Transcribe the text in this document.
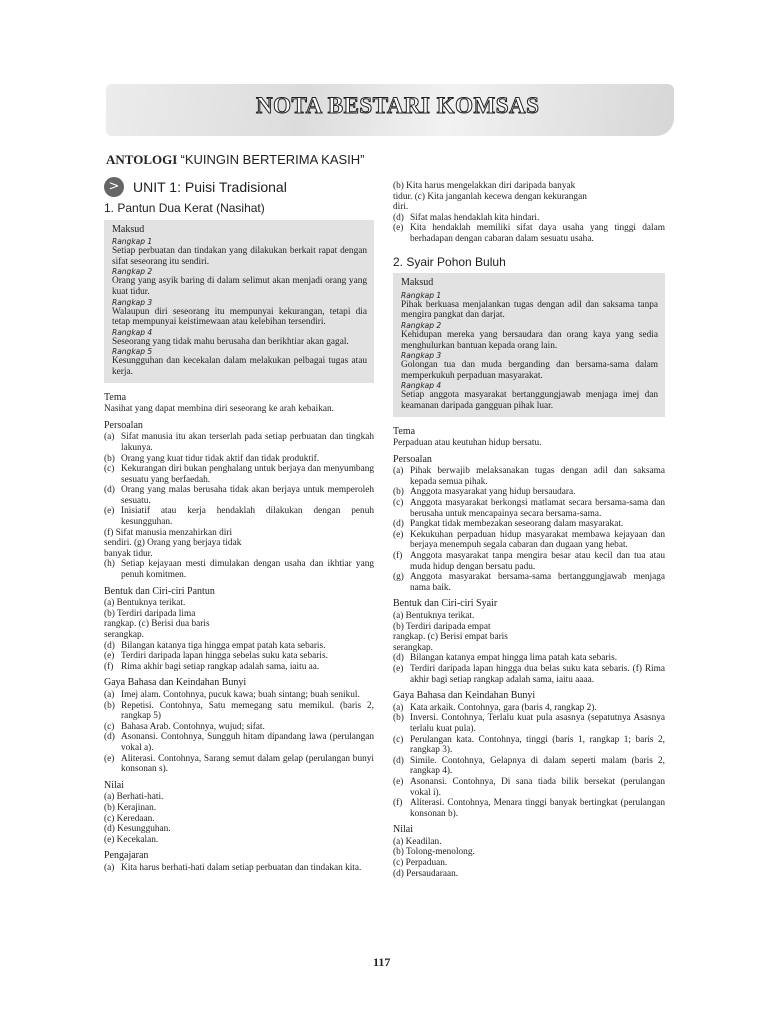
NOTA BESTARI KOMSAS
ANTOLOGI “KUINGIN BERTERIMA KASIH”
> UNIT 1: Puisi Tradisional
1. Pantun Dua Kerat (Nasihat)
Maksud
Rangkap 1
Setiap perbuatan dan tindakan yang dilakukan berkait rapat dengan sifat seseorang itu sendiri.
Rangkap 2
Orang yang asyik baring di dalam selimut akan menjadi orang yang kuat tidur.
Rangkap 3
Walaupun diri seseorang itu mempunyai kekurangan, tetapi dia tetap mempunyai keistimewaan atau kelebihan tersendiri.
Rangkap 4
Seseorang yang tidak mahu berusaha dan berikhtiar akan gagal.
Rangkap 5
Kesungguhan dan kecekalan dalam melakukan pelbagai tugas atau kerja.
Tema
Nasihat yang dapat membina diri seseorang ke arah kebaikan.
Persoalan
(a) Sifat manusia itu akan terserlah pada setiap perbuatan dan tingkah lakunya.
(b) Orang yang kuat tidur tidak aktif dan tidak produktif.
(c) Kekurangan diri bukan penghalang untuk berjaya dan menyumbang sesuatu yang berfaedah.
(d) Orang yang malas berusaha tidak akan berjaya untuk memperoleh sesuatu.
(e) Inisiatif atau kerja hendaklah dilakukan dengan penuh kesungguhan.
(f) Sifat manusia menzahirkan diri
sendiri. (g) Orang yang berjaya tidak
banyak tidur.
(h) Setiap kejayaan mesti dimulakan dengan usaha dan ikhtiar yang penuh komitmen.
Bentuk dan Ciri-ciri Pantun
(a) Bentuknya terikat.
(b) Terdiri daripada lima
rangkap. (c) Berisi dua baris
serangkap.
(d) Bilangan katanya tiga hingga empat patah kata sebaris.
(e) Terdiri daripada lapan hingga sebelas suku kata sebaris.
(f) Rima akhir bagi setiap rangkap adalah sama, iaitu aa.
Gaya Bahasa dan Keindahan Bunyi
(a) Imej alam. Contohnya, pucuk kawa; buah sintang; buah senikul.
(b) Repetisi. Contohnya, Satu memegang satu memikul. (baris 2, rangkap 5)
(c) Bahasa Arab. Contohnya, wujud; sifat.
(d) Asonansi. Contohnya, Sungguh hitam dipandang lawa (perulangan vokal a).
(e) Aliterasi. Contohnya, Sarang semut dalam gelap (perulangan bunyi konsonan s).
Nilai
(a) Berhati-hati.
(b) Kerajinan.
(c) Keredaan.
(d) Kesungguhan.
(e) Kecekalan.
Pengajaran
(a) Kita harus berhati-hati dalam setiap perbuatan dan tindakan kita.
(b) Kita harus mengelakkan diri daripada banyak
tidur. (c) Kita janganlah kecewa dengan kekurangan
diri.
(d) Sifat malas hendaklah kita hindari.
(e) Kita hendaklah memiliki sifat daya usaha yang tinggi dalam berhadapan dengan cabaran dalam sesuatu usaha.
2. Syair Pohon Buluh
Maksud
Rangkap 1
Pihak berkuasa menjalankan tugas dengan adil dan saksama tanpa mengira pangkat dan darjat.
Rangkap 2
Kehidupan mereka yang bersaudara dan orang kaya yang sedia menghulurkan bantuan kepada orang lain.
Rangkap 3
Golongan tua dan muda berganding dan bersama-sama dalam memperkukuh perpaduan masyarakat.
Rangkap 4
Setiap anggota masyarakat bertanggungjawab menjaga imej dan keamanan daripada gangguan pihak luar.
Tema
Perpaduan atau keutuhan hidup bersatu.
Persoalan
(a) Pihak berwajib melaksanakan tugas dengan adil dan saksama kepada semua pihak.
(b) Anggota masyarakat yang hidup bersaudara.
(c) Anggota masyarakat berkongsi matlamat secara bersama-sama dan berusaha untuk mencapainya secara bersama-sama.
(d) Pangkat tidak membezakan seseorang dalam masyarakat.
(e) Kekukuhan perpaduan hidup masyarakat membawa kejayaan dan berjaya menempuh segala cabaran dan dugaan yang hebat.
(f) Anggota masyarakat tanpa mengira besar atau kecil dan tua atau muda hidup dengan bersatu padu.
(g) Anggota masyarakat bersama-sama bertanggungjawab menjaga nama baik.
Bentuk dan Ciri-ciri Syair
(a) Bentuknya terikat.
(b) Terdiri daripada empat
rangkap. (c) Berisi empat baris
serangkap.
(d) Bilangan katanya empat hingga lima patah kata sebaris.
(e) Terdiri daripada lapan hingga dua belas suku kata sebaris. (f) Rima akhir bagi setiap rangkap adalah sama, iaitu aaaa.
Gaya Bahasa dan Keindahan Bunyi
(a) Kata arkaik. Contohnya, gara (baris 4, rangkap 2).
(b) Inversi. Contohnya, Terlalu kuat pula asasnya (sepatutnya Asasnya terlalu kuat pula).
(c) Perulangan kata. Contohnya, tinggi (baris 1, rangkap 1; baris 2, rangkap 3).
(d) Simile. Contohnya, Gelapnya di dalam seperti malam (baris 2, rangkap 4).
(e) Asonansi. Contohnya, Di sana tiada bilik bersekat (perulangan vokal i).
(f) Aliterasi. Contohnya, Menara tinggi banyak bertingkat (perulangan konsonan b).
Nilai
(a) Keadilan.
(b) Tolong-menolong.
(c) Perpaduan.
(d) Persaudaraan.
117
